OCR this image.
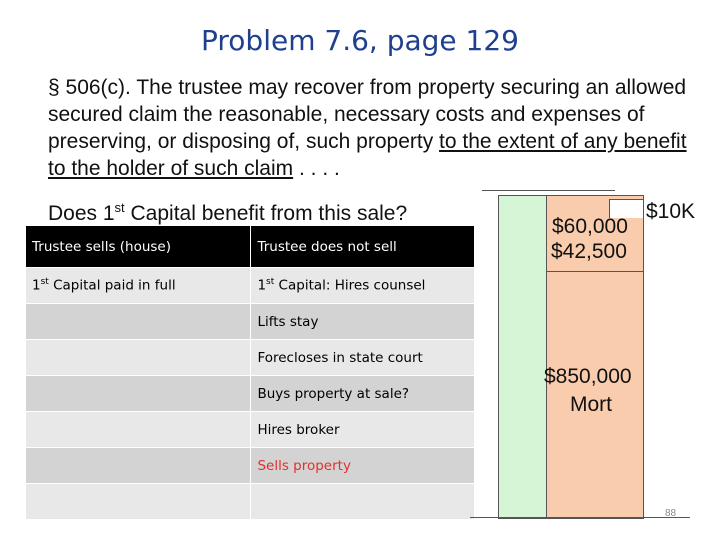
Problem 7.6, page 129
§ 506(c). The trustee may recover from property securing an allowed secured claim the reasonable, necessary costs and expenses of preserving, or disposing of, such property to the extent of any benefit to the holder of such claim . . . .
Does 1st Capital benefit from this sale?
Trustee sells (house)	Trustee does not sell
1st Capital paid in full	1st Capital: Hires counsel
	Lifts stay
	Forecloses in state court
	Buys property at sale?
	Hires broker
	Sells property

$60,000
$10K
$42,500
$850,000
Mort
88
